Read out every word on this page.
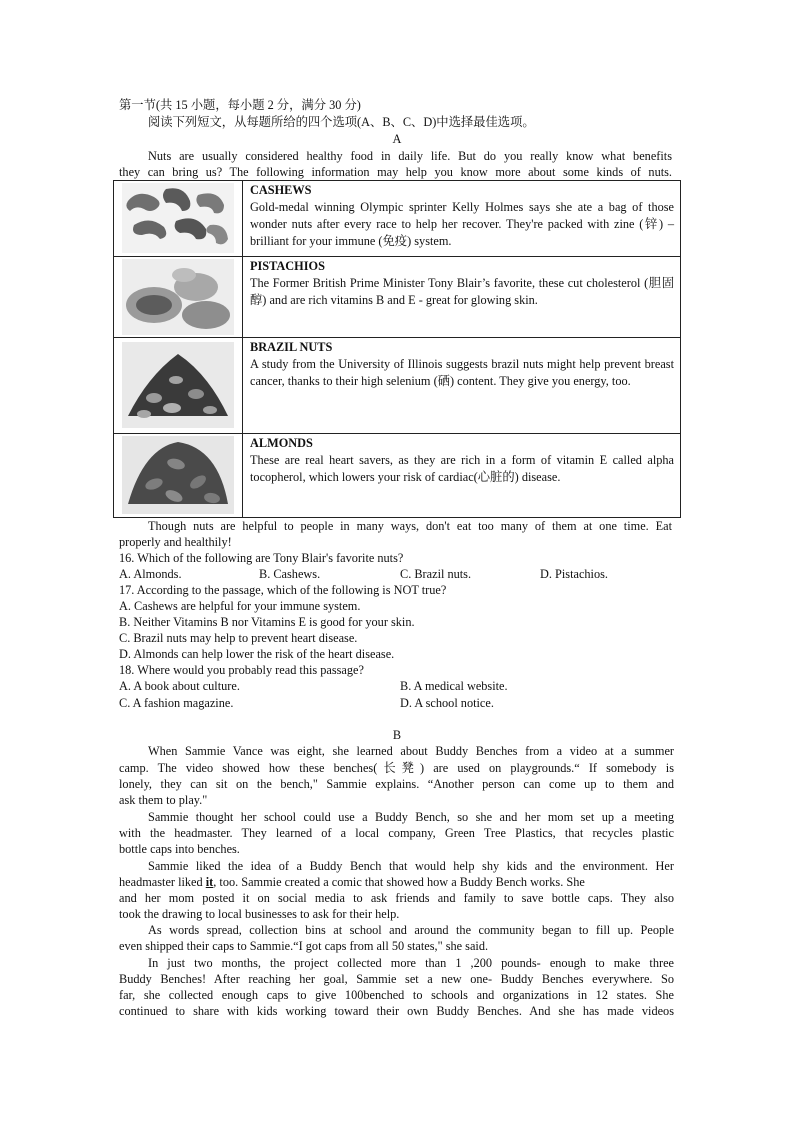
第一节(共 15 小题，每小题 2 分，满分 30 分)
阅读下列短文，从每题所给的四个选项(A、B、C、D)中选择最佳选项。
A
Nuts are usually considered healthy food in daily life. But do you really know what benefits
they can bring us? The following information may help you know more about some kinds of nuts.

CASHEWS
Gold-medal winning Olympic sprinter Kelly Holmes says she ate a bag of those wonder nuts after every race to help her recover. They're packed with zine (锌) – brilliant for your immune (免疫) system.

PISTACHIOS
The Former British Prime Minister Tony Blair’s favorite, these cut cholesterol (胆固醇) and are rich vitamins B and E - great for glowing skin.

BRAZIL NUTS
A study from the University of Illinois suggests brazil nuts might help prevent breast cancer, thanks to their high selenium (硒) content. They give you energy, too.

ALMONDS
These are real heart savers, as they are rich in a form of vitamin E called alpha tocopherol, which lowers your risk of cardiac(心脏的) disease.
Though nuts are helpful to people in many ways, don't eat too many of them at one time. Eat
properly and healthily!
16. Which of the following are Tony Blair's favorite nuts?
A. Almonds.	B. Cashews.	C. Brazil nuts.	D. Pistachios.
17. According to the passage, which of the following is NOT true?
A. Cashews are helpful for your immune system.
B. Neither Vitamins B nor Vitamins E is good for your skin.
C. Brazil nuts may help to prevent heart disease.
D. Almonds can help lower the risk of the heart disease.
18. Where would you probably read this passage?
A. A book about culture.	B. A medical website.
C. A fashion magazine.	D. A school notice.
B
When Sammie Vance was eight, she learned about Buddy Benches from a video at a summer
camp. The video showed how these benches(长凳) are used on playgrounds.“ If somebody is
lonely, they can sit on the bench," Sammie explains. “Another person can come up to them and
ask them to play."
Sammie thought her school could use a Buddy Bench, so she and her mom set up a meeting
with the headmaster. They learned of a local company, Green Tree Plastics, that recycles plastic
bottle caps into benches.
Sammie liked the idea of a Buddy Bench that would help shy kids and the environment. Her
headmaster liked it, too. Sammie created a comic that showed how a Buddy Bench works. She
and her mom posted it on social media to ask friends and family to save bottle caps. They also
took the drawing to local businesses to ask for their help.
As words spread, collection bins at school and around the community began to fill up. People
even shipped their caps to Sammie.“I got caps from all 50 states," she said.
In just two months, the project collected more than 1 ,200 pounds- enough to make three
Buddy Benches! After reaching her goal, Sammie set a new one- Buddy Benches everywhere. So
far, she collected enough caps to give 100benched to schools and organizations in 12 states. She
continued to share with kids working toward their own Buddy Benches. And she has made videos
